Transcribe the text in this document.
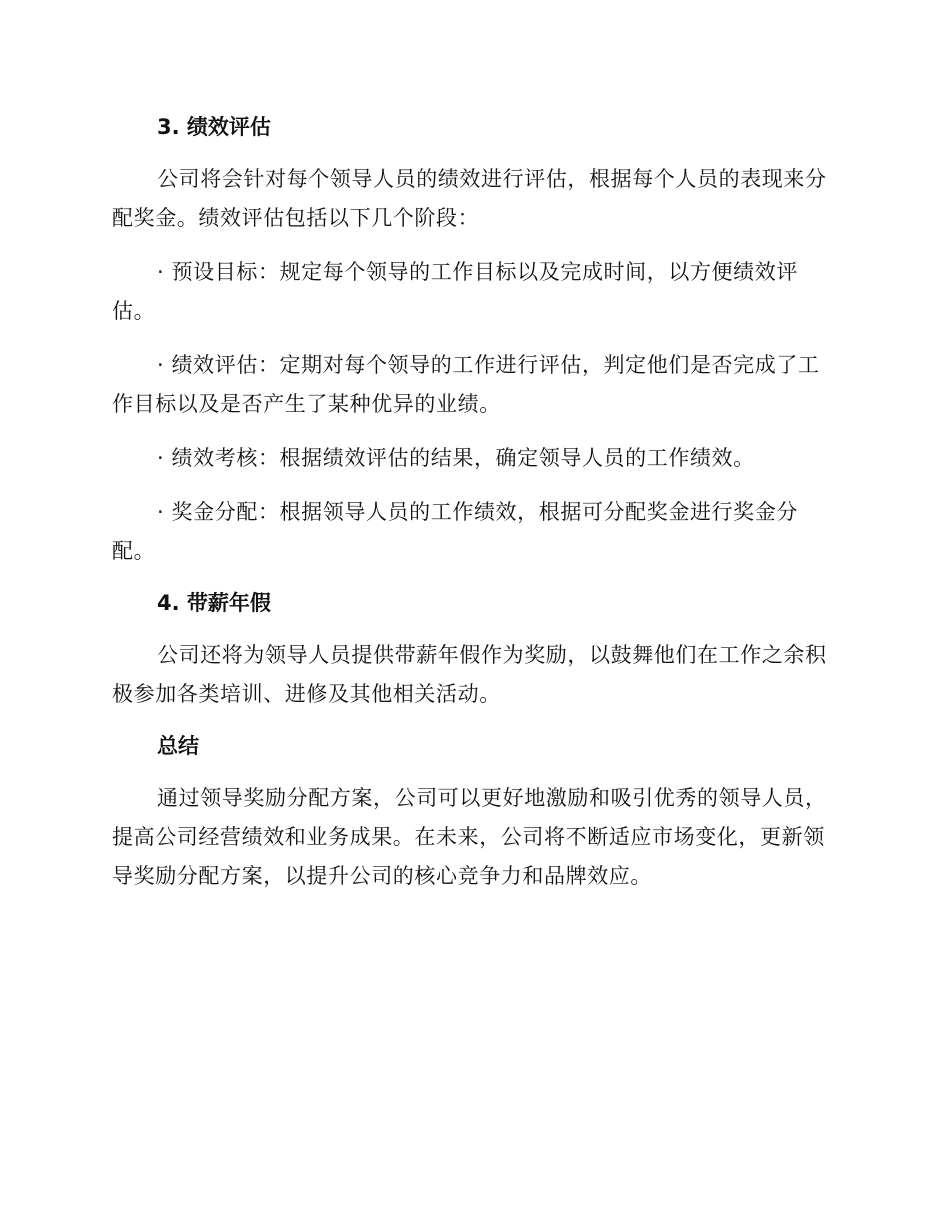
3. 绩效评估

公司将会针对每个领导人员的绩效进行评估，根据每个人员的表现来分配奖金。绩效评估包括以下几个阶段：

· 预设目标：规定每个领导的工作目标以及完成时间，以方便绩效评估。

· 绩效评估：定期对每个领导的工作进行评估，判定他们是否完成了工作目标以及是否产生了某种优异的业绩。

· 绩效考核：根据绩效评估的结果，确定领导人员的工作绩效。

· 奖金分配：根据领导人员的工作绩效，根据可分配奖金进行奖金分配。

4. 带薪年假

公司还将为领导人员提供带薪年假作为奖励，以鼓舞他们在工作之余积极参加各类培训、进修及其他相关活动。

总结

通过领导奖励分配方案，公司可以更好地激励和吸引优秀的领导人员，提高公司经营绩效和业务成果。在未来，公司将不断适应市场变化，更新领导奖励分配方案，以提升公司的核心竞争力和品牌效应。
